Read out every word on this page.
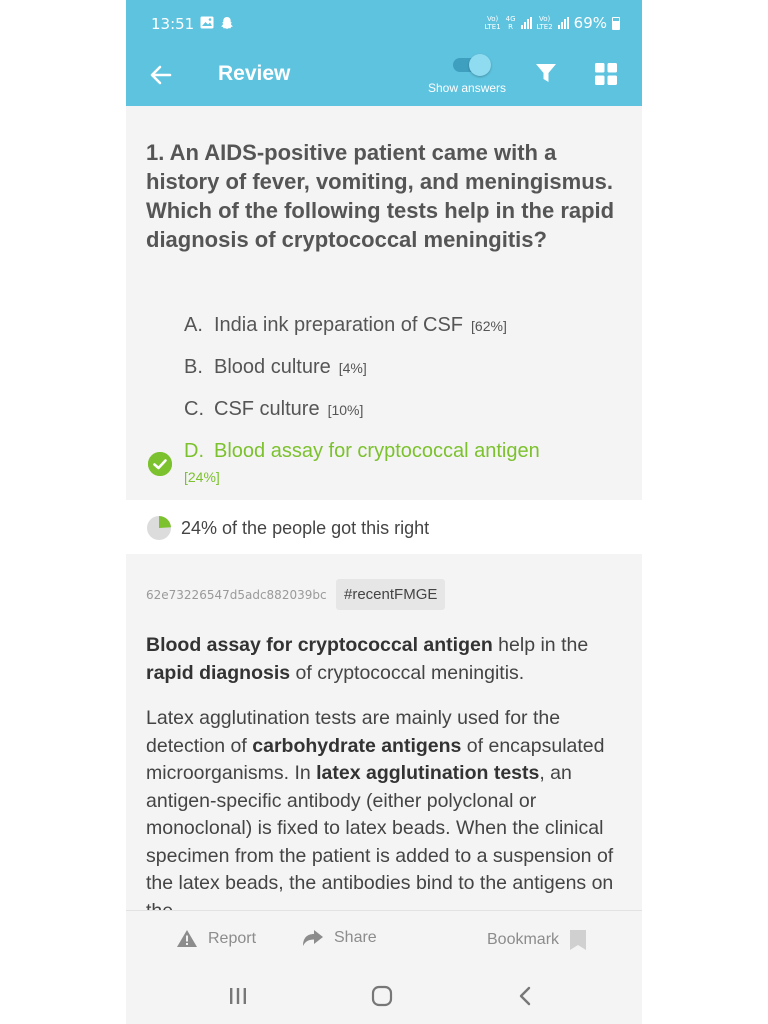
13:51	Vo)
LTE1
4G
R
Vo)
LTE2 69%
Review
Show answers
1. An AIDS-positive patient came with a history of fever, vomiting, and meningismus. Which of the following tests help in the rapid diagnosis of cryptococcal meningitis?
A. India ink preparation of CSF [62%]
B. Blood culture [4%]
C. CSF culture [10%]
D. Blood assay for cryptococcal antigen
[24%]
24% of the people got this right
62e73226547d5adc882039bc	#recentFMGE

Blood assay for cryptococcal antigen help in the rapid diagnosis of cryptococcal meningitis.

Latex agglutination tests are mainly used for the detection of carbohydrate antigens of encapsulated microorganisms. In latex agglutination tests, an antigen-specific antibody (either polyclonal or monoclonal) is fixed to latex beads. When the clinical specimen from the patient is added to a suspension of the latex beads, the antibodies bind to the antigens on

Report	Share	Bookmark
